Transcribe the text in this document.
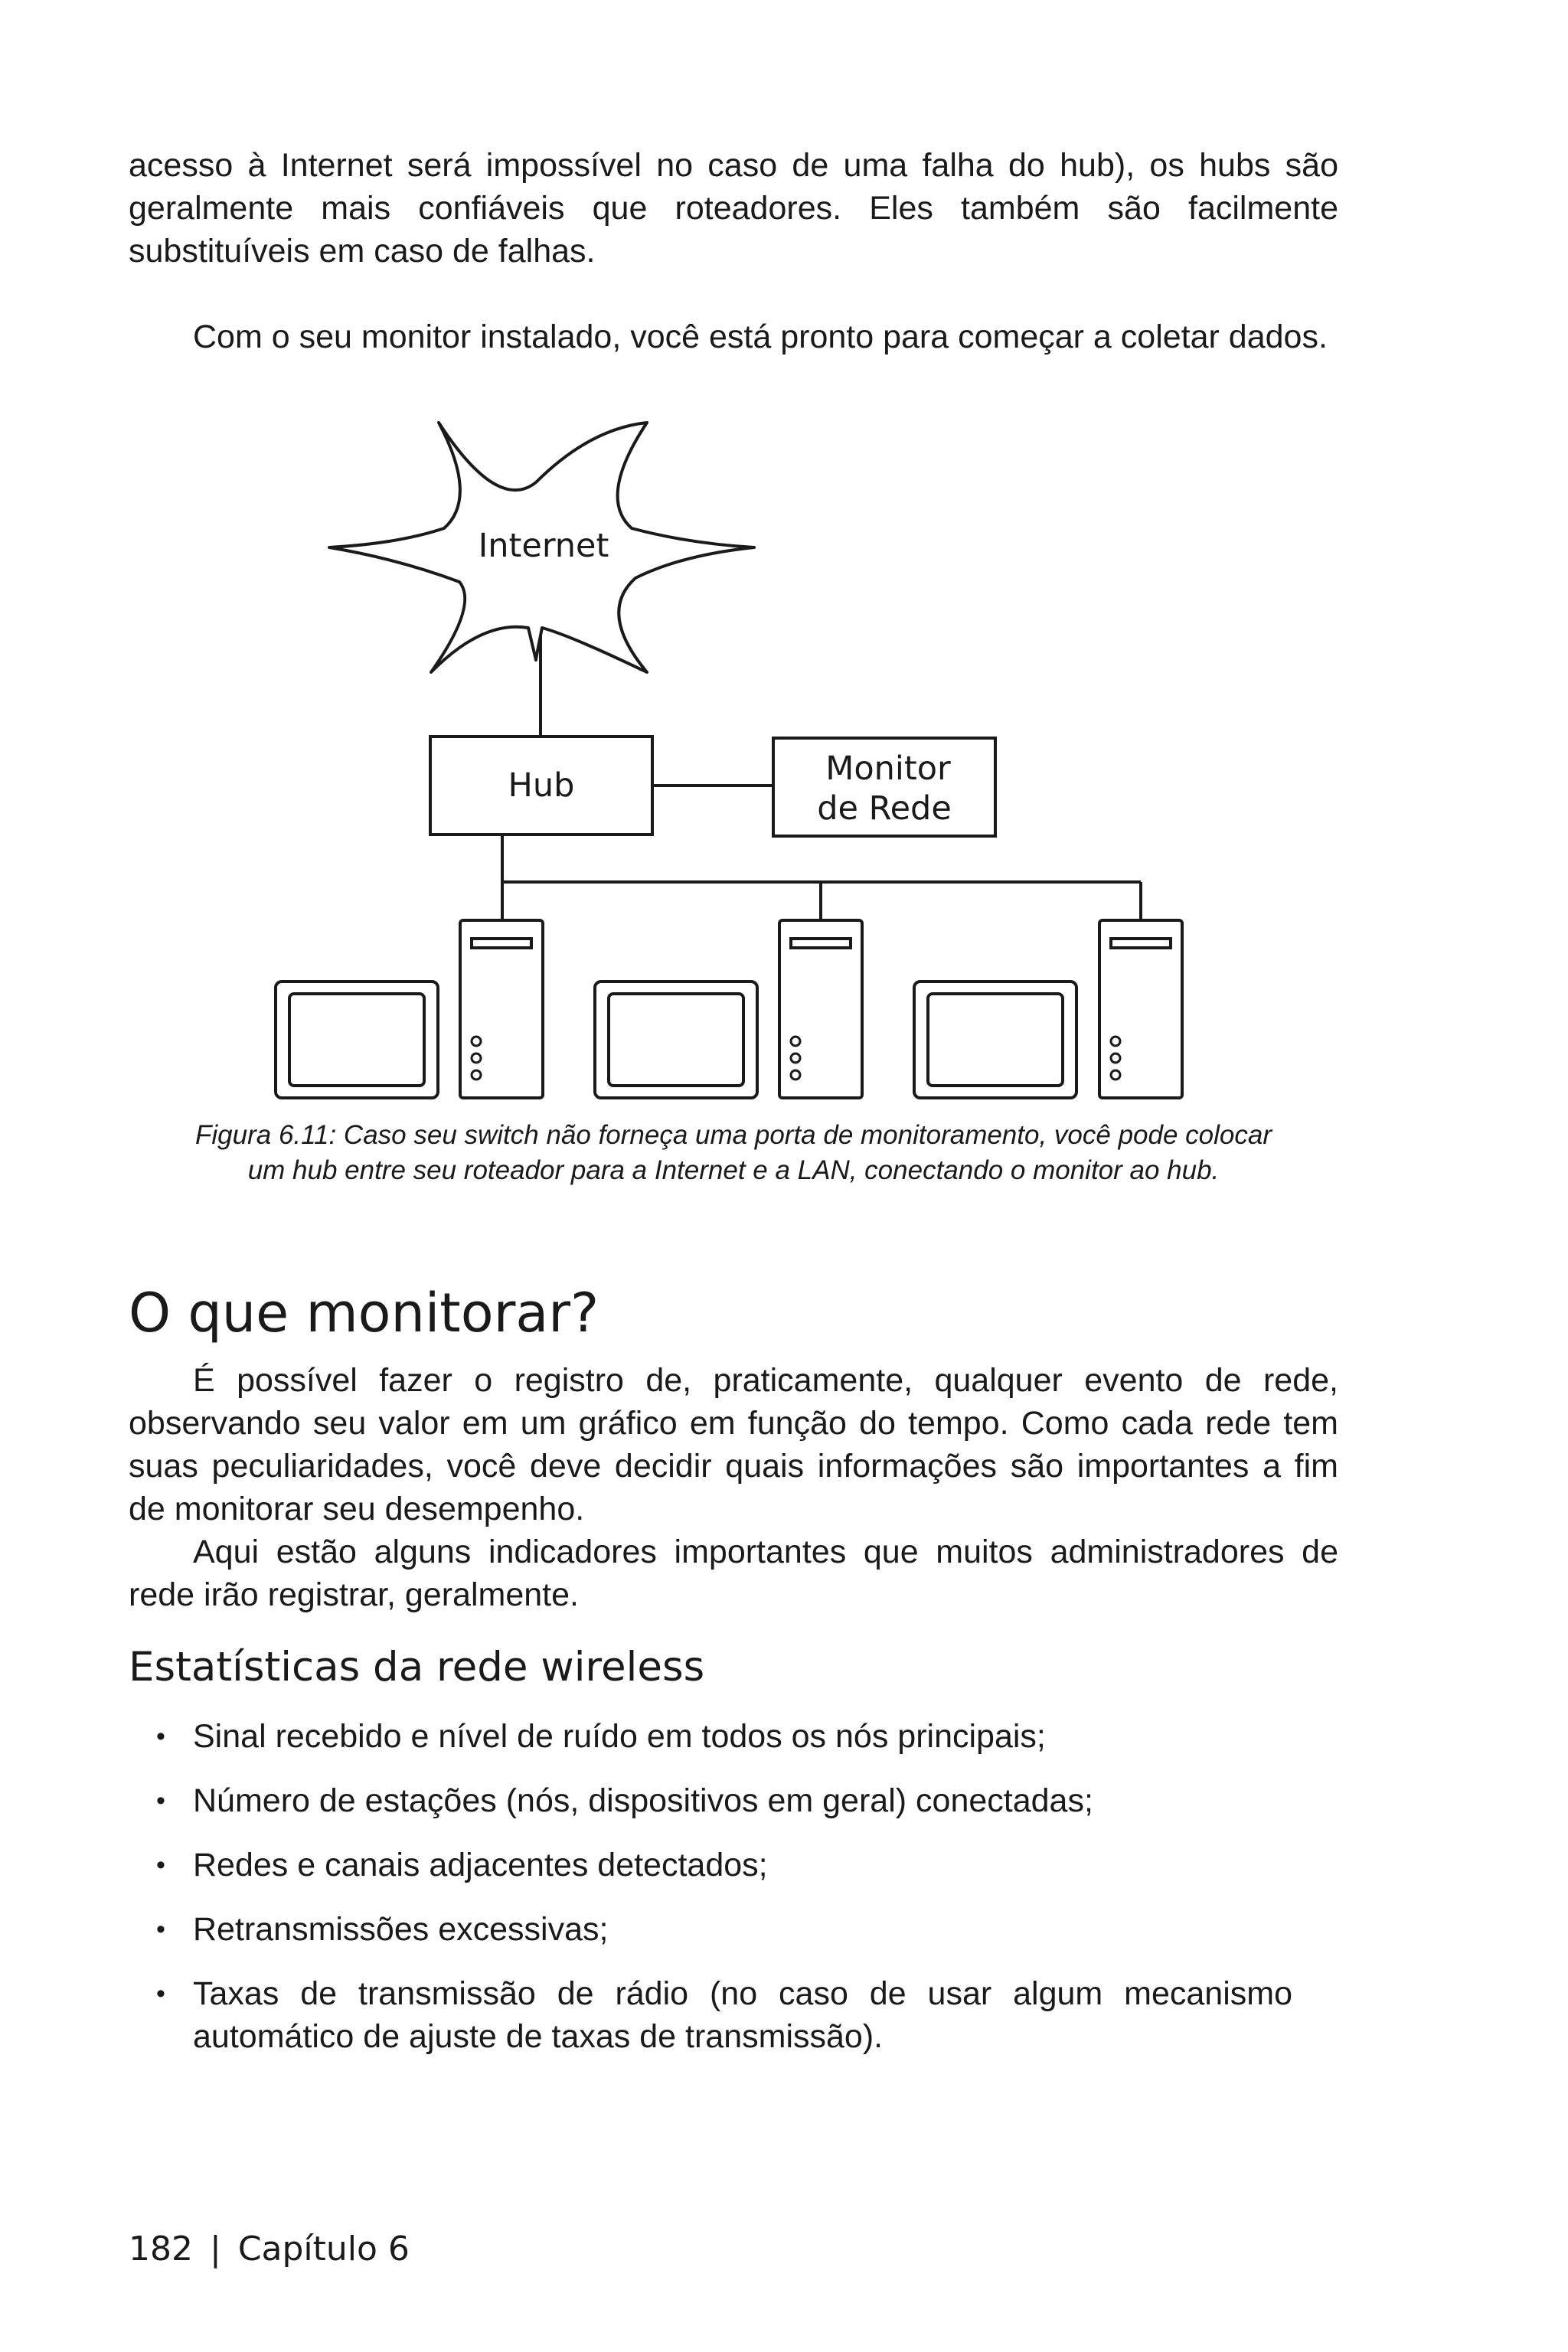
acesso à Internet será impossível no caso de uma falha do hub), os hubs são geralmente mais confiáveis que roteadores. Eles também são facilmente substituíveis em caso de falhas.

Com o seu monitor instalado, você está pronto para começar a coletar dados.

Internet
Hub	Monitor
de Rede

Figura 6.11: Caso seu switch não forneça uma porta de monitoramento, você pode colocar
um hub entre seu roteador para a Internet e a LAN, conectando o monitor ao hub.

O que monitorar?

É possível fazer o registro de, praticamente, qualquer evento de rede, observando seu valor em um gráfico em função do tempo. Como cada rede tem suas peculiaridades, você deve decidir quais informações são importantes a fim de monitorar seu desempenho.

Aqui estão alguns indicadores importantes que muitos administradores de rede irão registrar, geralmente.

Estatísticas da rede wireless
• Sinal recebido e nível de ruído em todos os nós principais;
• Número de estações (nós, dispositivos em geral) conectadas;
• Redes e canais adjacentes detectados;
• Retransmissões excessivas;
• Taxas de transmissão de rádio (no caso de usar algum mecanismo automático de ajuste de taxas de transmissão).
182 | Capítulo 6
